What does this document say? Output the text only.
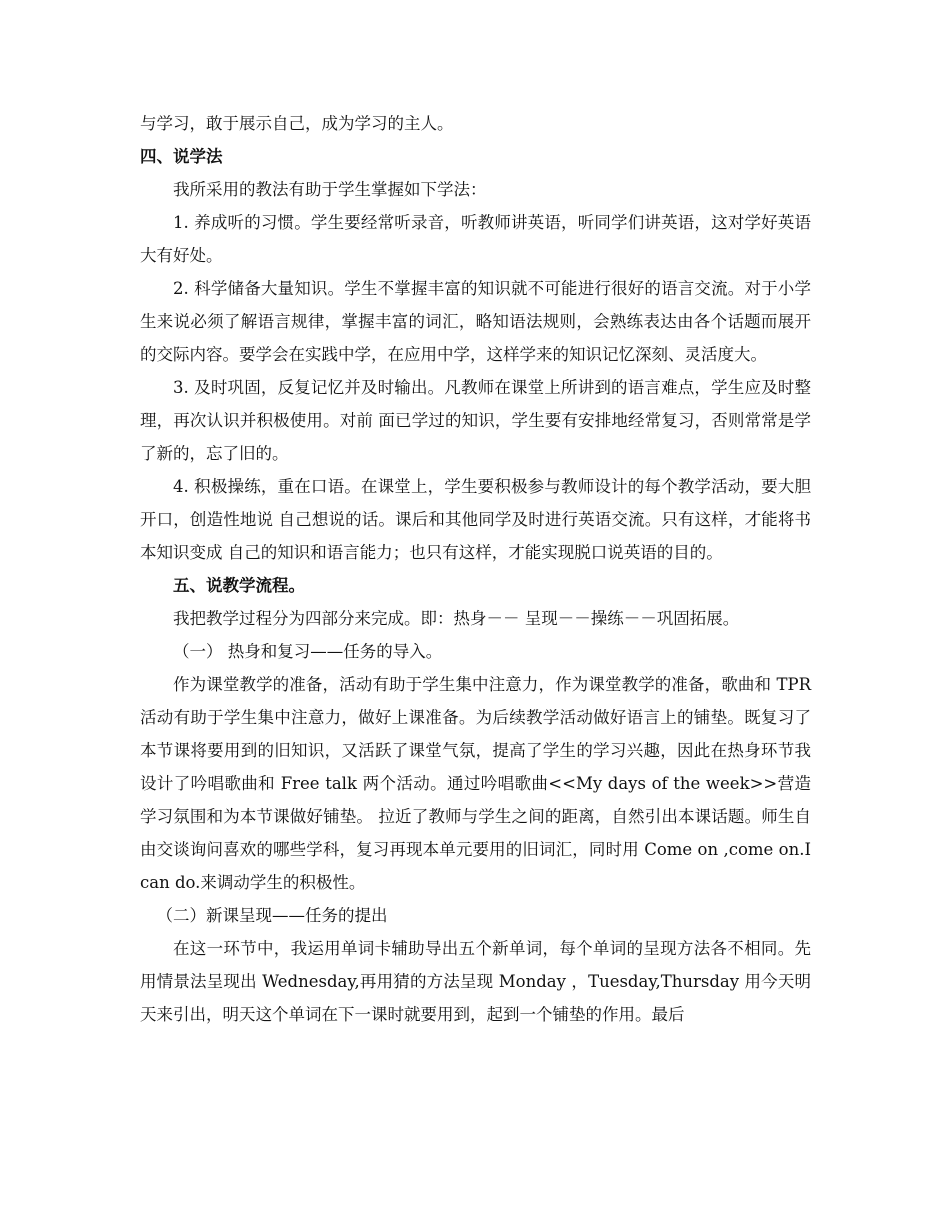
与学习，敢于展示自己，成为学习的主人。

四、说学法

我所采用的教法有助于学生掌握如下学法：

1. 养成听的习惯。学生要经常听录音，听教师讲英语，听同学们讲英语，这对学好英语大有好处。

2. 科学储备大量知识。学生不掌握丰富的知识就不可能进行很好的语言交流。对于小学生来说必须了解语言规律，掌握丰富的词汇，略知语法规则，会熟练表达由各个话题而展开的交际内容。要学会在实践中学，在应用中学，这样学来的知识记忆深刻、灵活度大。

3. 及时巩固，反复记忆并及时输出。凡教师在课堂上所讲到的语言难点，学生应及时整理，再次认识并积极使用。对前 面已学过的知识，学生要有安排地经常复习，否则常常是学了新的，忘了旧的。

4. 积极操练，重在口语。在课堂上，学生要积极参与教师设计的每个教学活动，要大胆开口，创造性地说 自己想说的话。课后和其他同学及时进行英语交流。只有这样，才能将书本知识变成 自己的知识和语言能力；也只有这样，才能实现脱口说英语的目的。

五、说教学流程。

我把教学过程分为四部分来完成。即：热身－－ 呈现－－操练－－巩固拓展。

（一） 热身和复习——任务的导入。

作为课堂教学的准备，活动有助于学生集中注意力，作为课堂教学的准备，歌曲和 TPR 活动有助于学生集中注意力，做好上课准备。为后续教学活动做好语言上的铺垫。既复习了本节课将要用到的旧知识，又活跃了课堂气氛，提高了学生的学习兴趣，因此在热身环节我设计了吟唱歌曲和 Free talk 两个活动。通过吟唱歌曲<<My days of the week>>营造学习氛围和为本节课做好铺垫。 拉近了教师与学生之间的距离，自然引出本课话题。师生自由交谈询问喜欢的哪些学科，复习再现本单元要用的旧词汇，同时用 Come on ,come on.I can do.来调动学生的积极性。

（二）新课呈现——任务的提出

在这一环节中，我运用单词卡辅助导出五个新单词，每个单词的呈现方法各不相同。先用情景法呈现出 Wednesday,再用猜的方法呈现 Monday ，Tuesday,Thursday 用今天明天来引出，明天这个单词在下一课时就要用到，起到一个铺垫的作用。最后
